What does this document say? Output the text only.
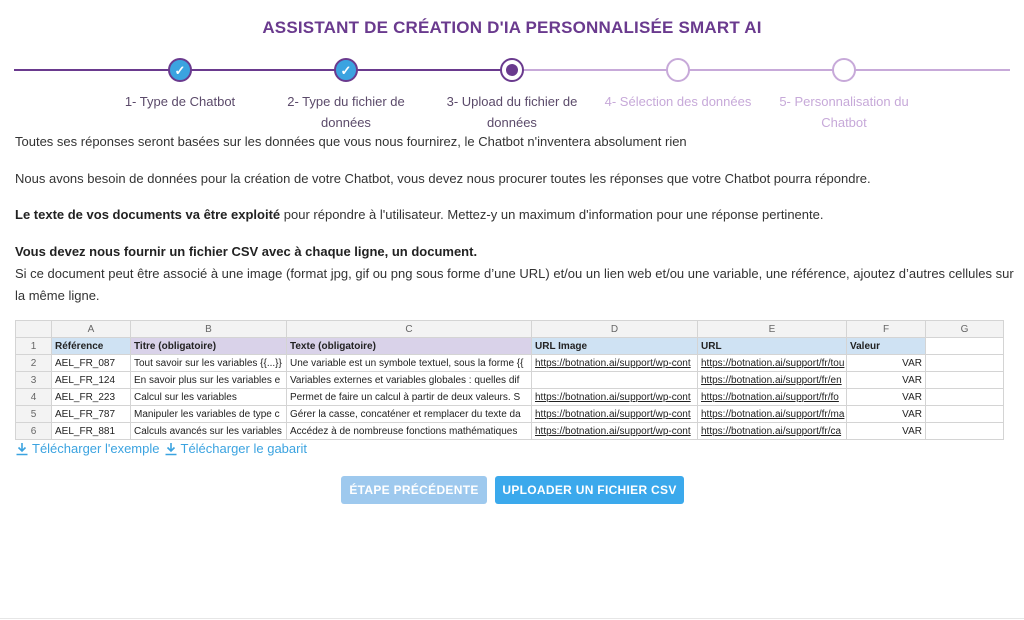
ASSISTANT DE CRÉATION D'IA PERSONNALISÉE SMART AI
✓
1- Type de Chatbot
✓
2- Type du fichier de
données
3- Upload du fichier de
données
4- Sélection des données	5- Personnalisation du
Chatbot
Toutes ses réponses seront basées sur les données que vous nous fournirez, le Chatbot n'inventera absolument rien
Nous avons besoin de données pour la création de votre Chatbot, vous devez nous procurer toutes les réponses que votre Chatbot pourra répondre.
Le texte de vos documents va être exploité pour répondre à l'utilisateur. Mettez-y un maximum d'information pour une réponse pertinente.
Vous devez nous fournir un fichier CSV avec à chaque ligne, un document.
Si ce document peut être associé à une image (format jpg, gif ou png sous forme d’une URL) et/ou un lien web et/ou une variable, une référence, ajoutez d’autres cellules sur la même ligne.
	A	B	C	D	E	F	G
1	Référence	Titre (obligatoire)	Texte (obligatoire)	URL Image	URL	Valeur	
2	AEL_FR_087	Tout savoir sur les variables {{...}}	Une variable est un symbole textuel, sous la forme {{	https://botnation.ai/support/wp-cont	https://botnation.ai/support/fr/tou	VAR	
3	AEL_FR_124	En savoir plus sur les variables e	Variables externes et variables globales : quelles dif		https://botnation.ai/support/fr/en	VAR	
4	AEL_FR_223	Calcul sur les variables	Permet de faire un calcul à partir de deux valeurs. S	https://botnation.ai/support/wp-cont	https://botnation.ai/support/fr/fo	VAR	
5	AEL_FR_787	Manipuler les variables de type c	Gérer la casse, concaténer et remplacer du texte da	https://botnation.ai/support/wp-cont	https://botnation.ai/support/fr/ma	VAR	
6	AEL_FR_881	Calculs avancés sur les variables	Accédez à de nombreuse fonctions mathématiques	https://botnation.ai/support/wp-cont	https://botnation.ai/support/fr/ca	VAR	
Télécharger l'exemple Télécharger le gabarit
ÉTAPE PRÉCÉDENTE	UPLOADER UN FICHIER CSV
